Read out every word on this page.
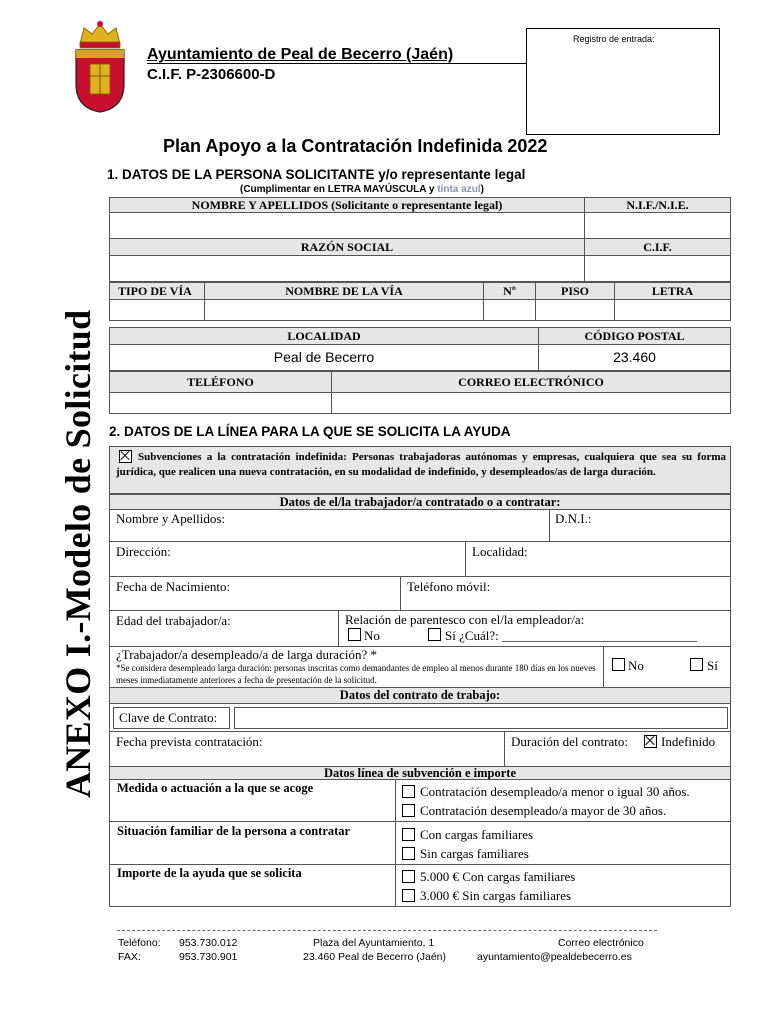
Ayuntamiento de Peal de Becerro (Jaén)
C.I.F. P-2306600-D
Registro de entrada:
ANEXO I.-Modelo de Solicitud
Plan Apoyo a la Contratación Indefinida 2022
1. DATOS DE LA PERSONA SOLICITANTE y/o representante legal
(Cumplimentar en LETRA MAYÚSCULA y tinta azul)
NOMBRE Y APELLIDOS (Solicitante o representante legal)	N.I.F./N.I.E.
RAZÓN SOCIAL	C.I.F.
TIPO DE VÍA	NOMBRE DE LA VÍA	Nº	PISO	LETRA
LOCALIDAD	CÓDIGO POSTAL
Peal de Becerro	23.460
TELÉFONO	CORREO ELECTRÓNICO
2. DATOS DE LA LÍNEA PARA LA QUE SE SOLICITA LA AYUDA
Subvenciones a la contratación indefinida: Personas trabajadoras autónomas y empresas, cualquiera que sea su forma jurídica, que realicen una nueva contratación, en su modalidad de indefinido, y desempleados/as de larga duración.
Datos de el/la trabajador/a contratado o a contratar:
Nombre y Apellidos:	D.N.I.:
Dirección:	Localidad:
Fecha de Nacimiento:	Teléfono móvil:
Edad del trabajador/a:	Relación de parentesco con el/la empleador/a:
No	Sí ¿Cuál?: ______________________________
¿Trabajador/a desempleado/a de larga duración? *
*Se considera desempleado larga duración: personas inscritas como demandantes de empleo al menos durante 180 días en los nueves meses inmediatamente anteriores a fecha de presentación de la solicitud.
No	Sí
Datos del contrato de trabajo:
Clave de Contrato:
Fecha prevista contratación:	Duración del contrato:	Indefinido
Datos línea de subvención e importe
Medida o actuación a la que se acoge	Contratación desempleado/a menor o igual 30 años.
Contratación desempleado/a mayor de 30 años.
Situación familiar de la persona a contratar	Con cargas familiares
Sin cargas familiares
Importe de la ayuda que se solicita	5.000 € Con cargas familiares
3.000 € Sin cargas familiares
Teléfono: 953.730.012
FAX:	953.730.901
Plaza del Ayuntamiento, 1
23.460 Peal de Becerro (Jaén)
Correo electrónico
ayuntamiento@pealdebecerro.es
